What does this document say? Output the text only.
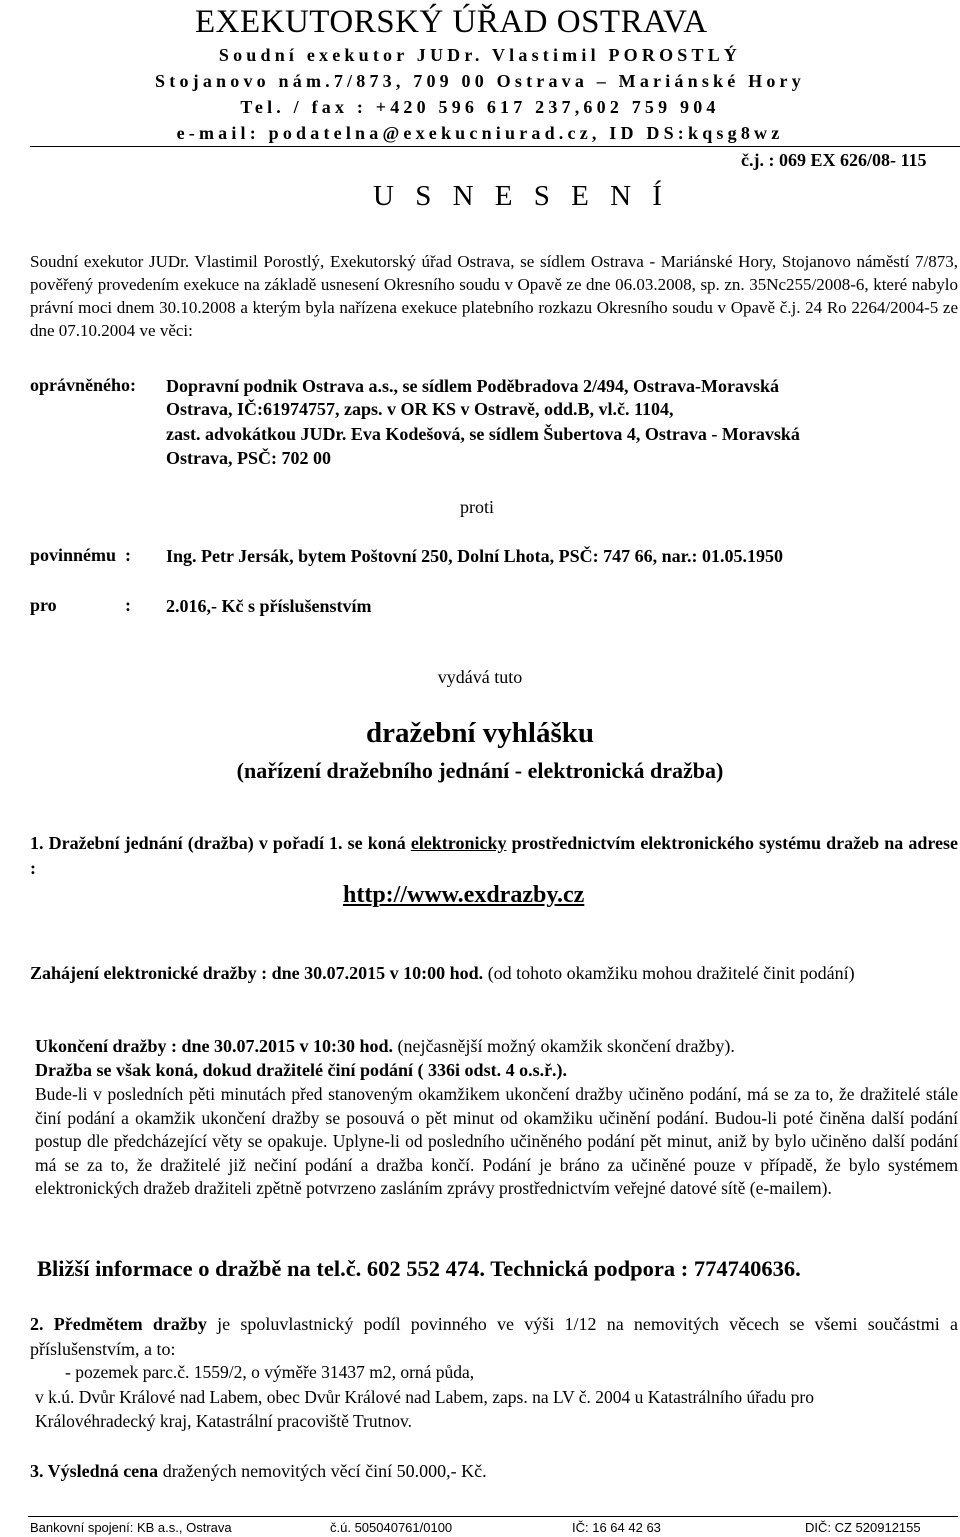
EXEKUTORSKÝ ÚŘAD OSTRAVA
Soudní exekutor JUDr. Vlastimil POROSTLÝ
Stojanovo nám.7/873, 709 00 Ostrava – Mariánské Hory
Tel. / fax : +420 596 617 237,602 759 904
e-mail: podatelna@exekucniurad.cz, ID DS:kqsg8wz
č.j. : 069 EX 626/08- 115
U S N E S E N Í
Soudní exekutor JUDr. Vlastimil Porostlý, Exekutorský úřad Ostrava, se sídlem Ostrava - Mariánské Hory, Stojanovo náměstí 7/873, pověřený provedením exekuce na základě usnesení Okresního soudu v Opavě ze dne 06.03.2008, sp. zn. 35Nc255/2008-6, které nabylo právní moci dnem 30.10.2008 a kterým byla nařízena exekuce platebního rozkazu Okresního soudu v Opavě č.j. 24 Ro 2264/2004-5 ze dne 07.10.2004 ve věci:
oprávněného : Dopravní podnik Ostrava a.s., se sídlem Poděbradova 2/494, Ostrava-Moravská
Ostrava, IČ:61974757, zaps. v OR KS v Ostravě, odd.B, vl.č. 1104,
zast. advokátkou JUDr. Eva Kodešová, se sídlem Šubertova 4, Ostrava - Moravská
Ostrava, PSČ: 702 00
proti
povinnému : Ing. Petr Jersák, bytem Poštovní 250, Dolní Lhota, PSČ: 747 66, nar.: 01.05.1950
pro	: 2.016,- Kč s příslušenstvím
vydává tuto
dražební vyhlášku
(nařízení dražebního jednání - elektronická dražba)
1. Dražební jednání (dražba) v pořadí 1. se koná elektronicky prostřednictvím elektronického systému dražeb na adrese :
http://www.exdrazby.cz
Zahájení elektronické dražby : dne 30.07.2015 v 10:00 hod. (od tohoto okamžiku mohou dražitelé činit podání)
Ukončení dražby : dne 30.07.2015 v 10:30 hod. (nejčasnější možný okamžik skončení dražby).
Dražba se však koná, dokud dražitelé činí podání ( 336i odst. 4 o.s.ř.).
Bude-li v posledních pěti minutách před stanoveným okamžikem ukončení dražby učiněno podání, má se za to, že dražitelé stále činí podání a okamžik ukončení dražby se posouvá o pět minut od okamžiku učinění podání. Budou-li poté činěna další podání postup dle předcházející věty se opakuje. Uplyne-li od posledního učiněného podání pět minut, aniž by bylo učiněno další podání má se za to, že dražitelé již nečiní podání a dražba končí. Podání je bráno za učiněné pouze v případě, že bylo systémem elektronických dražeb dražiteli zpětně potvrzeno zasláním zprávy prostřednictvím veřejné datové sítě (e-mailem).
Bližší informace o dražbě na tel.č. 602 552 474. Technická podpora : 774740636.
2. Předmětem dražby je spoluvlastnický podíl povinného ve výši 1/12 na nemovitých věcech se všemi součástmi a příslušenstvím, a to:
- pozemek parc.č. 1559/2, o výměře 31437 m2, orná půda,
v k.ú. Dvůr Králové nad Labem, obec Dvůr Králové nad Labem, zaps. na LV č. 2004 u Katastrálního úřadu pro Královéhradecký kraj, Katastrální pracoviště Trutnov.
3. Výsledná cena dražených nemovitých věcí činí 50.000,- Kč.
Bankovní spojení: KB a.s., Ostrava	č.ú. 505040761/0100	IČ: 16 64 42 63	DIČ: CZ 520912155
